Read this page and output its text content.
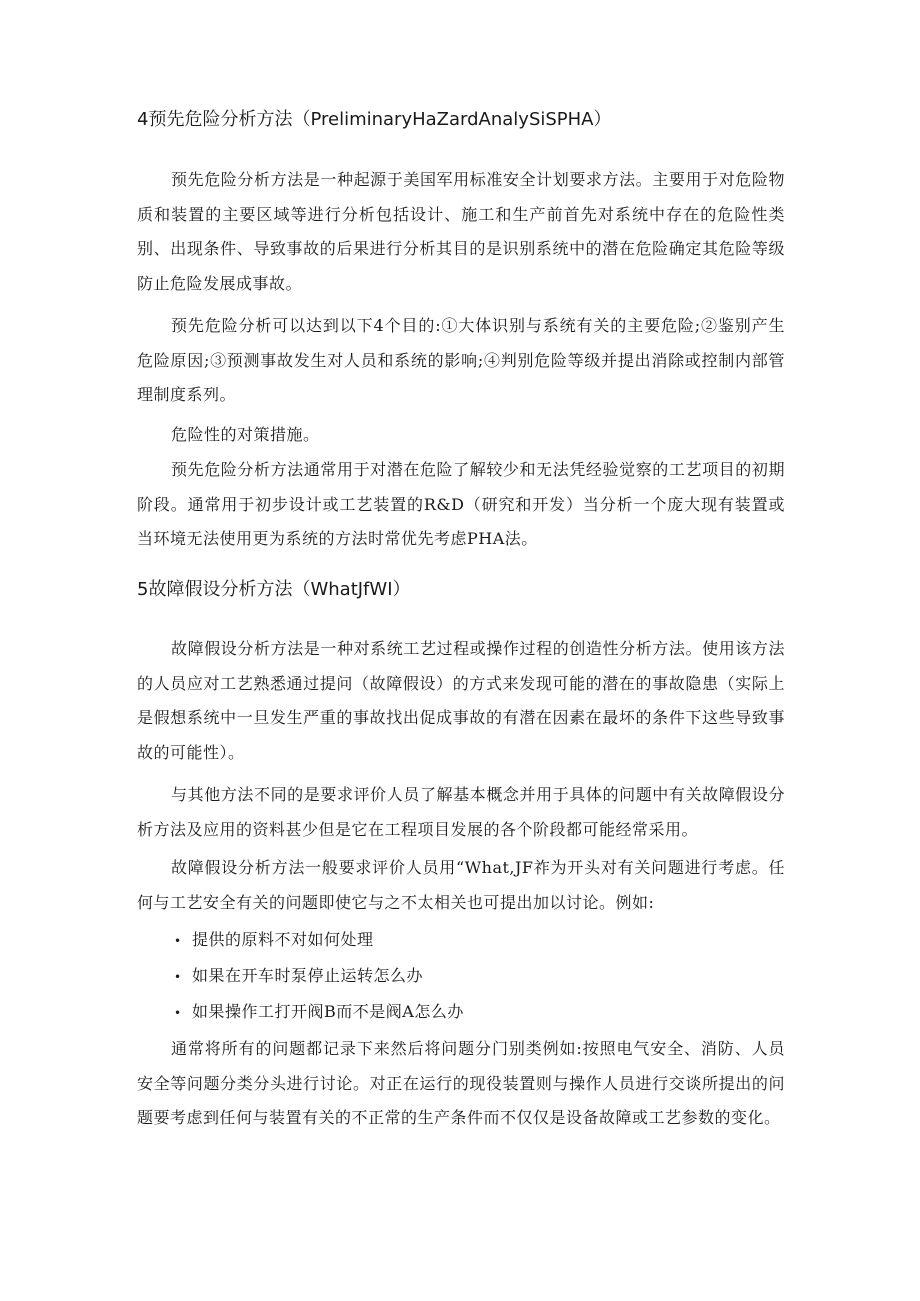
4预先危险分析方法（PreliminaryHaZardAnalySiSPHA）

预先危险分析方法是一种起源于美国军用标准安全计划要求方法。主要用于对危险物质和装置的主要区域等进行分析包括设计、施工和生产前首先对系统中存在的危险性类别、出现条件、导致事故的后果进行分析其目的是识别系统中的潜在危险确定其危险等级防止危险发展成事故。

预先危险分析可以达到以下4个目的:①大体识别与系统有关的主要危险;②鉴别产生危险原因;③预测事故发生对人员和系统的影响;④判别危险等级并提出消除或控制内部管理制度系列。

危险性的对策措施。

预先危险分析方法通常用于对潜在危险了解较少和无法凭经验觉察的工艺项目的初期阶段。通常用于初步设计或工艺装置的R&D（研究和开发）当分析一个庞大现有装置或当环境无法使用更为系统的方法时常优先考虑PHA法。

5故障假设分析方法（WhatJfWI）

故障假设分析方法是一种对系统工艺过程或操作过程的创造性分析方法。使用该方法的人员应对工艺熟悉通过提问（故障假设）的方式来发现可能的潜在的事故隐患（实际上是假想系统中一旦发生严重的事故找出促成事故的有潜在因素在最坏的条件下这些导致事故的可能性）。

与其他方法不同的是要求评价人员了解基本概念并用于具体的问题中有关故障假设分析方法及应用的资料甚少但是它在工程项目发展的各个阶段都可能经常采用。

故障假设分析方法一般要求评价人员用“What,JF祚为开头对有关问题进行考虑。任何与工艺安全有关的问题即使它与之不太相关也可提出加以讨论。例如:

• 提供的原料不对如何处理
• 如果在开车时泵停止运转怎么办
• 如果操作工打开阀B而不是阀A怎么办

通常将所有的问题都记录下来然后将问题分门别类例如:按照电气安全、消防、人员安全等问题分类分头进行讨论。对正在运行的现役装置则与操作人员进行交谈所提出的问题要考虑到任何与装置有关的不正常的生产条件而不仅仅是设备故障或工艺参数的变化。
